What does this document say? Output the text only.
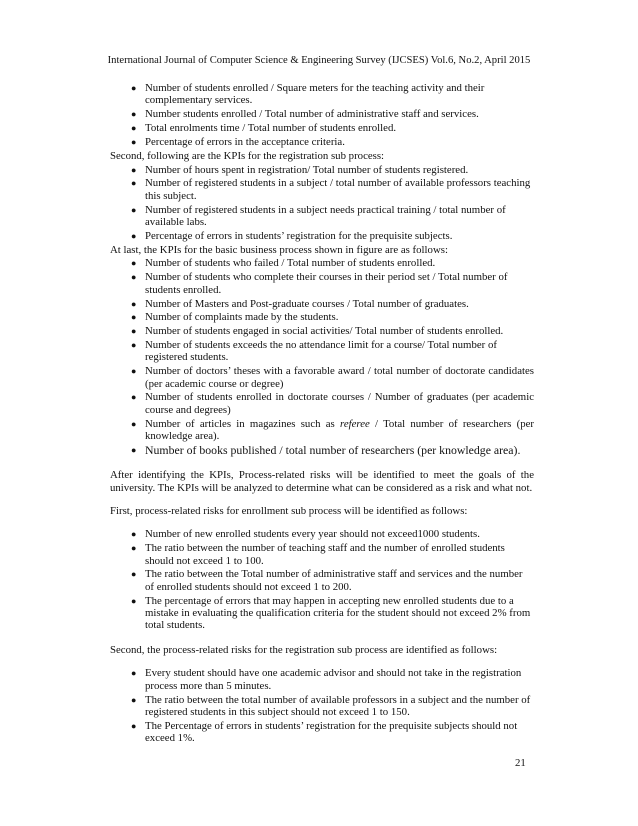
International Journal of Computer Science & Engineering Survey (IJCSES) Vol.6, No.2, April 2015
● Number of students enrolled / Square meters for the teaching activity and their complementary services.
● Number students enrolled / Total number of administrative staff and services.
● Total enrolments time / Total number of students enrolled.
● Percentage of errors in the acceptance criteria.
Second, following are the KPIs for the registration sub process:
● Number of hours spent in registration/ Total number of students registered.
● Number of registered students in a subject / total number of available professors teaching this subject.
● Number of registered students in a subject needs practical training / total number of available labs.
● Percentage of errors in students’ registration for the prequisite subjects.
At last, the KPIs for the basic business process shown in figure are as follows:
● Number of students who failed / Total number of students enrolled.
● Number of students who complete their courses in their period set / Total number of students enrolled.
● Number of Masters and Post-graduate courses / Total number of graduates.
● Number of complaints made by the students.
● Number of students engaged in social activities/ Total number of students enrolled.
● Number of students exceeds the no attendance limit for a course/ Total number of registered students.
● Number of doctors’ theses with a favorable award / total number of doctorate candidates (per academic course or degree)
● Number of students enrolled in doctorate courses / Number of graduates (per academic course and degrees)
● Number of articles in magazines such as referee / Total number of researchers (per knowledge area).
● Number of books published / total number of researchers (per knowledge area).

After identifying the KPIs, Process-related risks will be identified to meet the goals of the university. The KPIs will be analyzed to determine what can be considered as a risk and what not.

First, process-related risks for enrollment sub process will be identified as follows:

● Number of new enrolled students every year should not exceed1000 students.
● The ratio between the number of teaching staff and the number of enrolled students should not exceed 1 to 100.
● The ratio between the Total number of administrative staff and services and the number of enrolled students should not exceed 1 to 200.
● The percentage of errors that may happen in accepting new enrolled students due to a mistake in evaluating the qualification criteria for the student should not exceed 2% from total students.

Second, the process-related risks for the registration sub process are identified as follows:

● Every student should have one academic advisor and should not take in the registration process more than 5 minutes.
● The ratio between the total number of available professors in a subject and the number of registered students in this subject should not exceed 1 to 150.
● The Percentage of errors in students’ registration for the prequisite subjects should not exceed 1%.
21
